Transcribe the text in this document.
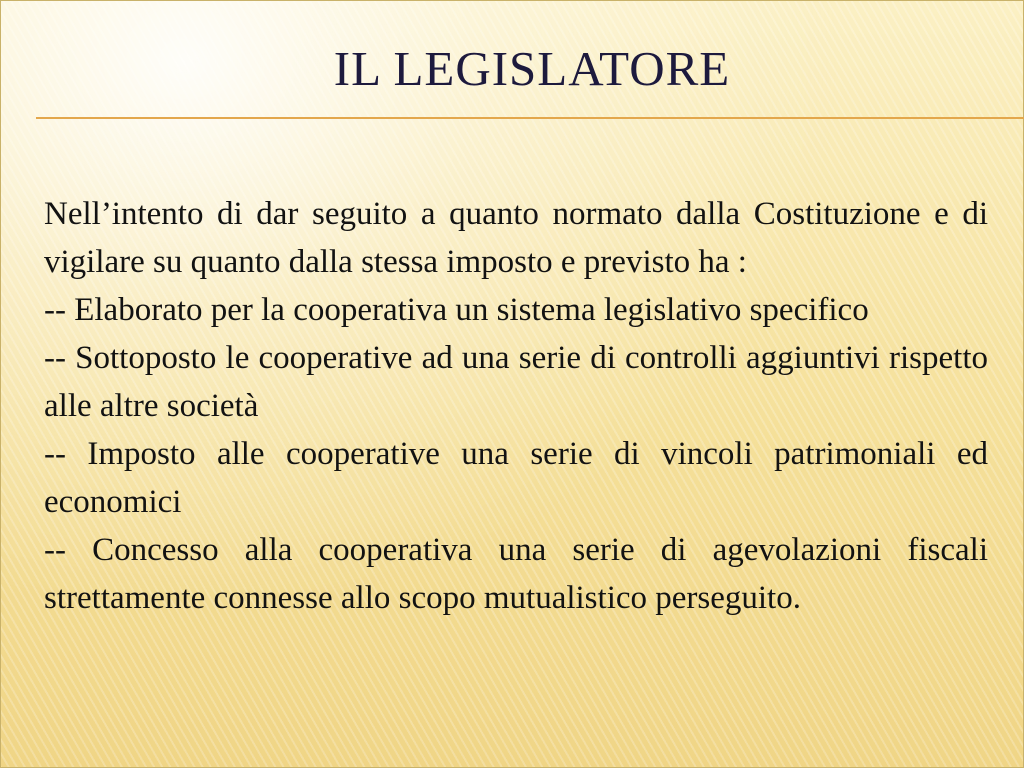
IL LEGISLATORE

Nell’intento di dar seguito a quanto normato dalla Costituzione e di vigilare su quanto dalla stessa imposto e previsto ha :

-- Elaborato per la cooperativa un sistema legislativo specifico

-- Sottoposto le cooperative ad una serie di controlli aggiuntivi rispetto alle altre società

-- Imposto alle cooperative una serie di vincoli patrimoniali ed economici

-- Concesso alla cooperativa una serie di agevolazioni fiscali strettamente connesse allo scopo mutualistico perseguito.
